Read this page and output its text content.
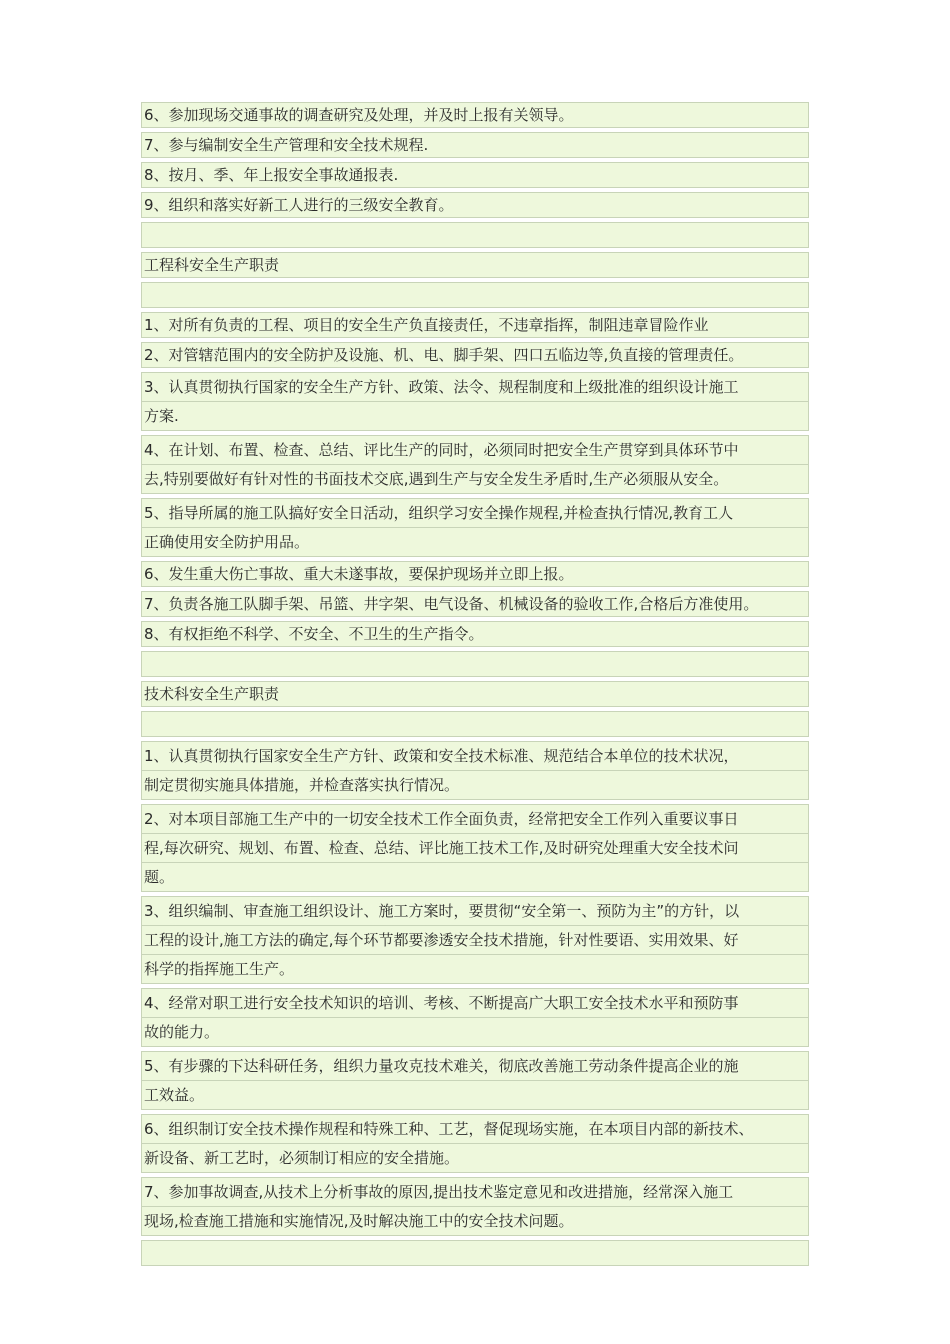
6、参加现场交通事故的调查研究及处理，并及时上报有关领导。
7、参与编制安全生产管理和安全技术规程.
8、按月、季、年上报安全事故通报表.
9、组织和落实好新工人进行的三级安全教育。
工程科安全生产职责
1、对所有负责的工程、项目的安全生产负直接责任，不违章指挥，制阻违章冒险作业
2、对管辖范围内的安全防护及设施、机、电、脚手架、四口五临边等,负直接的管理责任。
3、认真贯彻执行国家的安全生产方针、政策、法令、规程制度和上级批准的组织设计施工
方案.
4、在计划、布置、检查、总结、评比生产的同时，必须同时把安全生产贯穿到具体环节中
去,特别要做好有针对性的书面技术交底,遇到生产与安全发生矛盾时,生产必须服从安全。
5、指导所属的施工队搞好安全日活动，组织学习安全操作规程,并检查执行情况,教育工人
正确使用安全防护用品。
6、发生重大伤亡事故、重大未遂事故，要保护现场并立即上报。
7、负责各施工队脚手架、吊篮、井字架、电气设备、机械设备的验收工作,合格后方准使用。
8、有权拒绝不科学、不安全、不卫生的生产指令。
技术科安全生产职责
1、认真贯彻执行国家安全生产方针、政策和安全技术标准、规范结合本单位的技术状况，
制定贯彻实施具体措施，并检查落实执行情况。
2、对本项目部施工生产中的一切安全技术工作全面负责，经常把安全工作列入重要议事日
程,每次研究、规划、布置、检查、总结、评比施工技术工作,及时研究处理重大安全技术问
题。
3、组织编制、审查施工组织设计、施工方案时，要贯彻“安全第一、预防为主”的方针，以
工程的设计,施工方法的确定,每个环节都要渗透安全技术措施，针对性要语、实用效果、好
科学的指挥施工生产。
4、经常对职工进行安全技术知识的培训、考核、不断提高广大职工安全技术水平和预防事
故的能力。
5、有步骤的下达科研任务，组织力量攻克技术难关，彻底改善施工劳动条件提高企业的施
工效益。
6、组织制订安全技术操作规程和特殊工种、工艺，督促现场实施，在本项目内部的新技术、
新设备、新工艺时，必须制订相应的安全措施。
7、参加事故调查,从技术上分析事故的原因,提出技术鉴定意见和改进措施，经常深入施工
现场,检查施工措施和实施情况,及时解决施工中的安全技术问题。
